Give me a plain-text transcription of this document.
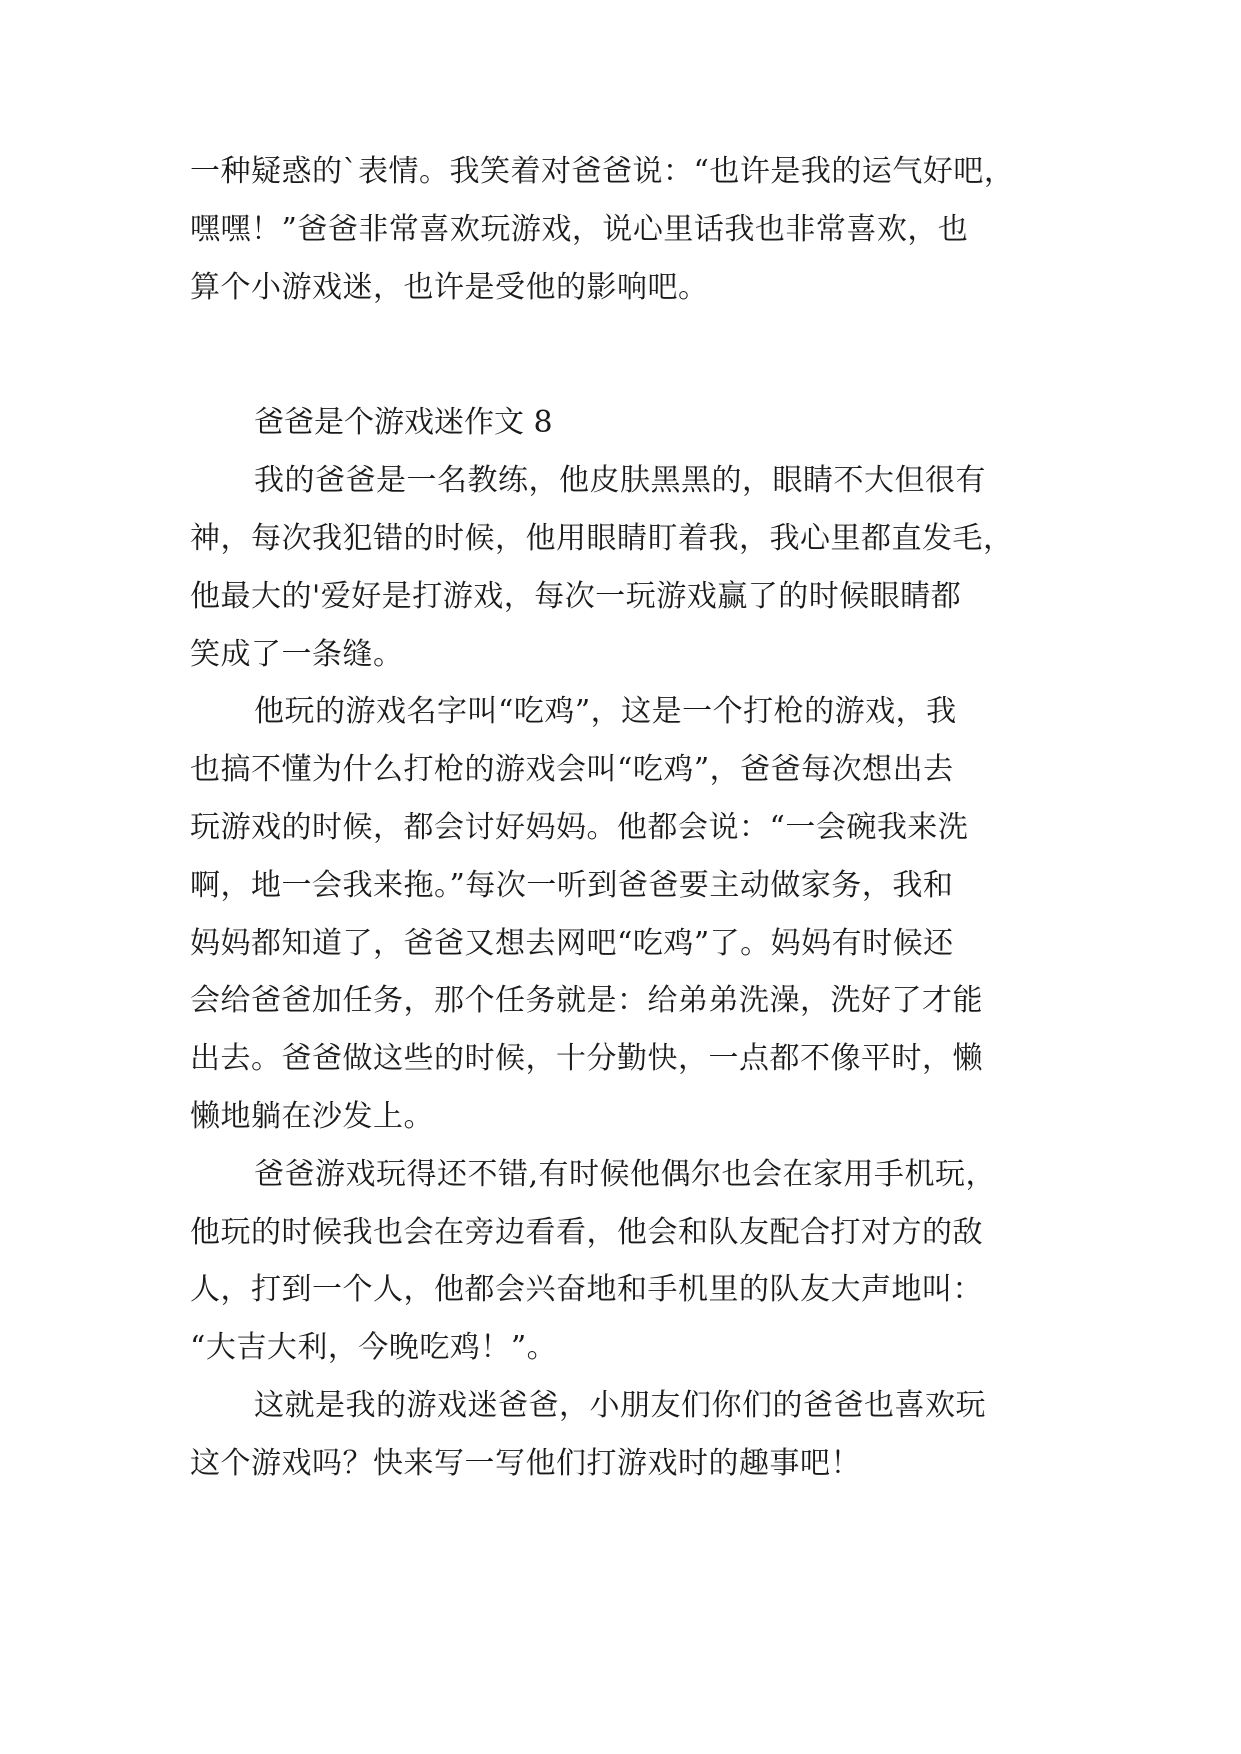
一种疑惑的`表情。我笑着对爸爸说：“也许是我的运气好吧，
嘿嘿！”爸爸非常喜欢玩游戏，说心里话我也非常喜欢，也
算个小游戏迷，也许是受他的影响吧。

爸爸是个游戏迷作文 8

我的爸爸是一名教练，他皮肤黑黑的，眼睛不大但很有
神，每次我犯错的时候，他用眼睛盯着我，我心里都直发毛，
他最大的'爱好是打游戏，每次一玩游戏赢了的时候眼睛都
笑成了一条缝。
他玩的游戏名字叫“吃鸡”，这是一个打枪的游戏，我
也搞不懂为什么打枪的游戏会叫“吃鸡”，爸爸每次想出去
玩游戏的时候，都会讨好妈妈。他都会说：“一会碗我来洗
啊，地一会我来拖。”每次一听到爸爸要主动做家务，我和
妈妈都知道了，爸爸又想去网吧“吃鸡”了。妈妈有时候还
会给爸爸加任务，那个任务就是：给弟弟洗澡，洗好了才能
出去。爸爸做这些的时候，十分勤快，一点都不像平时，懒
懒地躺在沙发上。
爸爸游戏玩得还不错,有时候他偶尔也会在家用手机玩，
他玩的时候我也会在旁边看看，他会和队友配合打对方的敌
人，打到一个人，他都会兴奋地和手机里的队友大声地叫：
“大吉大利，今晚吃鸡！”。
这就是我的游戏迷爸爸，小朋友们你们的爸爸也喜欢玩
这个游戏吗？快来写一写他们打游戏时的趣事吧！
